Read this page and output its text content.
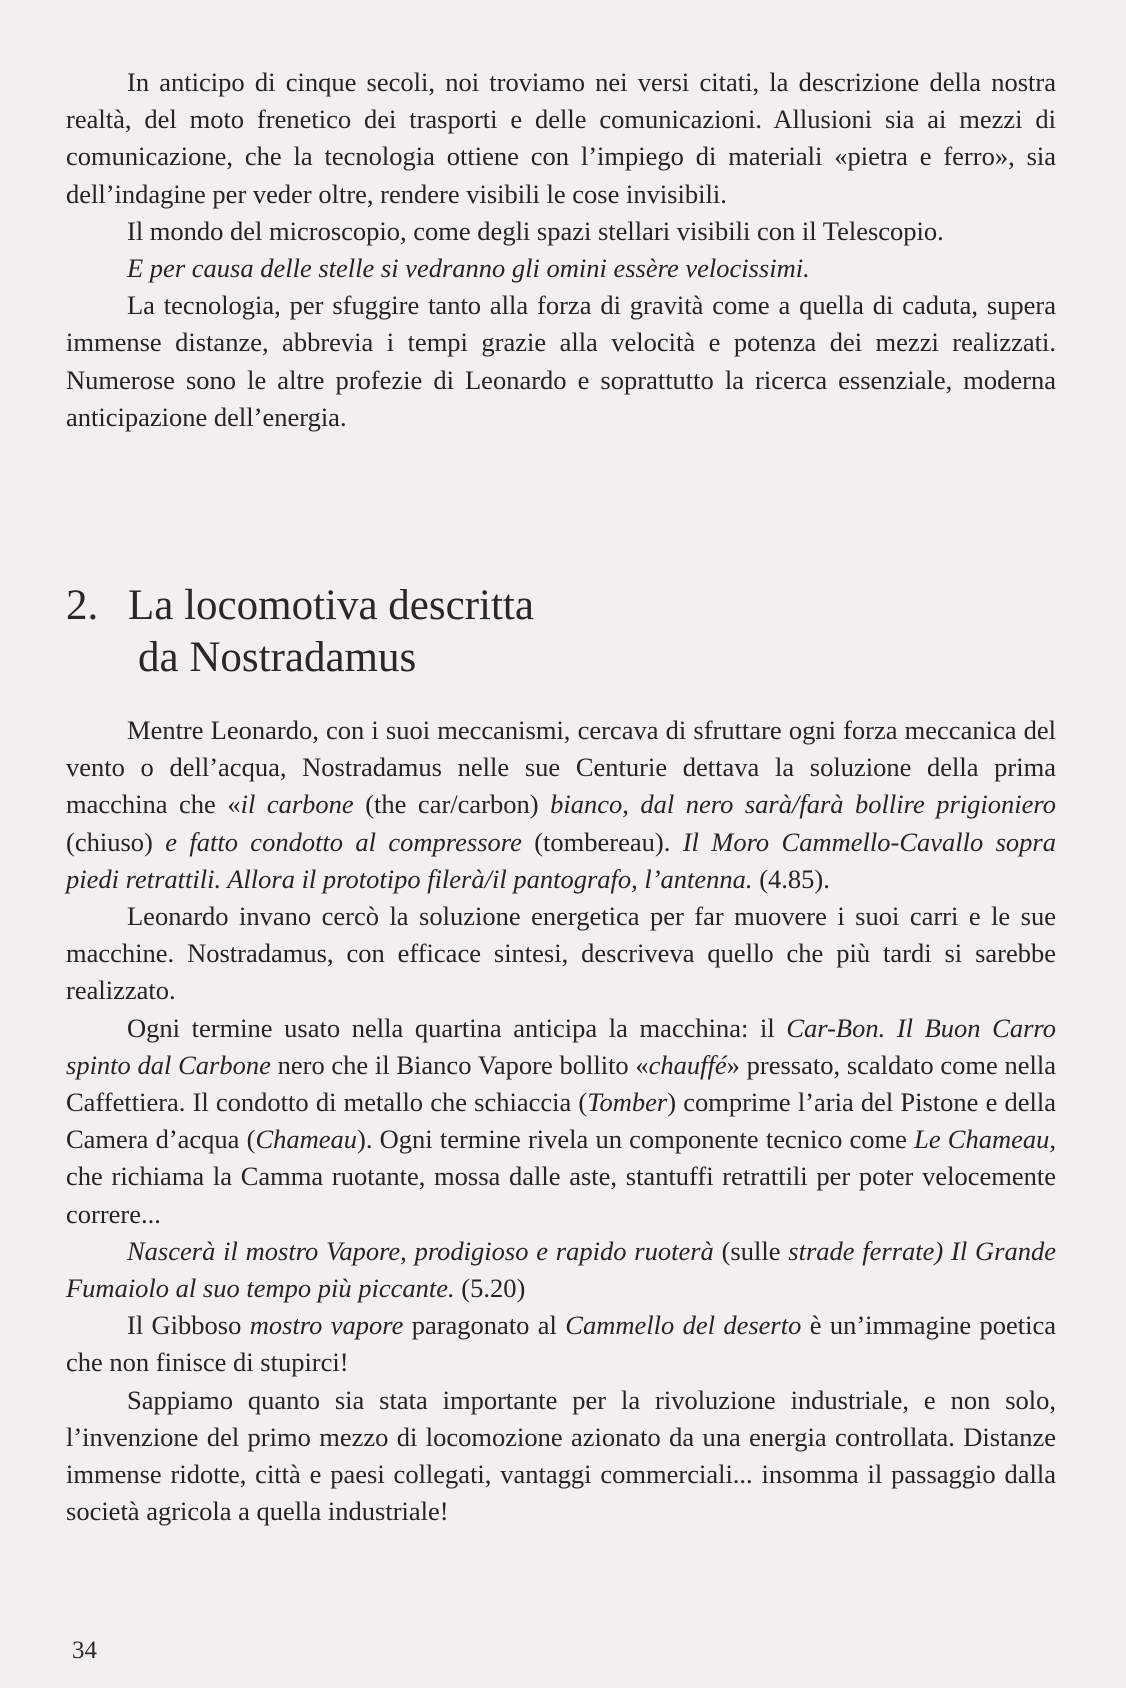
In anticipo di cinque secoli, noi troviamo nei versi citati, la descrizione della nostra realtà, del moto frenetico dei trasporti e delle comunicazioni. Allusioni sia ai mezzi di comunicazione, che la tecnologia ottiene con l’impiego di materiali «pietra e ferro», sia dell’indagine per veder oltre, rendere visibili le cose invisibili.

Il mondo del microscopio, come degli spazi stellari visibili con il Telescopio.

E per causa delle stelle si vedranno gli omini essère velocissimi.

La tecnologia, per sfuggire tanto alla forza di gravità come a quella di caduta, supera immense distanze, abbrevia i tempi grazie alla velocità e potenza dei mezzi realizzati. Numerose sono le altre profezie di Leonardo e soprattutto la ricerca essenziale, moderna anticipazione dell’energia.

2. La locomotiva descritta
da Nostradamus

Mentre Leonardo, con i suoi meccanismi, cercava di sfruttare ogni forza meccanica del vento o dell’acqua, Nostradamus nelle sue Centurie dettava la soluzione della prima macchina che «il carbone (the car/carbon) bianco, dal nero sarà/farà bollire prigioniero (chiuso) e fatto condotto al compressore (tombereau). Il Moro Cammello-Cavallo sopra piedi retrattili. Allora il prototipo filerà/il pantografo, l’antenna. (4.85).

Leonardo invano cercò la soluzione energetica per far muovere i suoi carri e le sue macchine. Nostradamus, con efficace sintesi, descriveva quello che più tardi si sarebbe realizzato.

Ogni termine usato nella quartina anticipa la macchina: il Car-Bon. Il Buon Carro spinto dal Carbone nero che il Bianco Vapore bollito «chauffé» pressato, scaldato come nella Caffettiera. Il condotto di metallo che schiaccia (Tomber) comprime l’aria del Pistone e della Camera d’acqua (Chameau). Ogni termine rivela un componente tecnico come Le Chameau, che richiama la Camma ruotante, mossa dalle aste, stantuffi retrattili per poter velocemente correre...

Nascerà il mostro Vapore, prodigioso e rapido ruoterà (sulle strade ferrate) Il Grande Fumaiolo al suo tempo più piccante. (5.20)

Il Gibboso mostro vapore paragonato al Cammello del deserto è un’immagine poetica che non finisce di stupirci!

Sappiamo quanto sia stata importante per la rivoluzione industriale, e non solo, l’invenzione del primo mezzo di locomozione azionato da una energia controllata. Distanze immense ridotte, città e paesi collegati, vantaggi commerciali... insomma il passaggio dalla società agricola a quella industriale!

34
